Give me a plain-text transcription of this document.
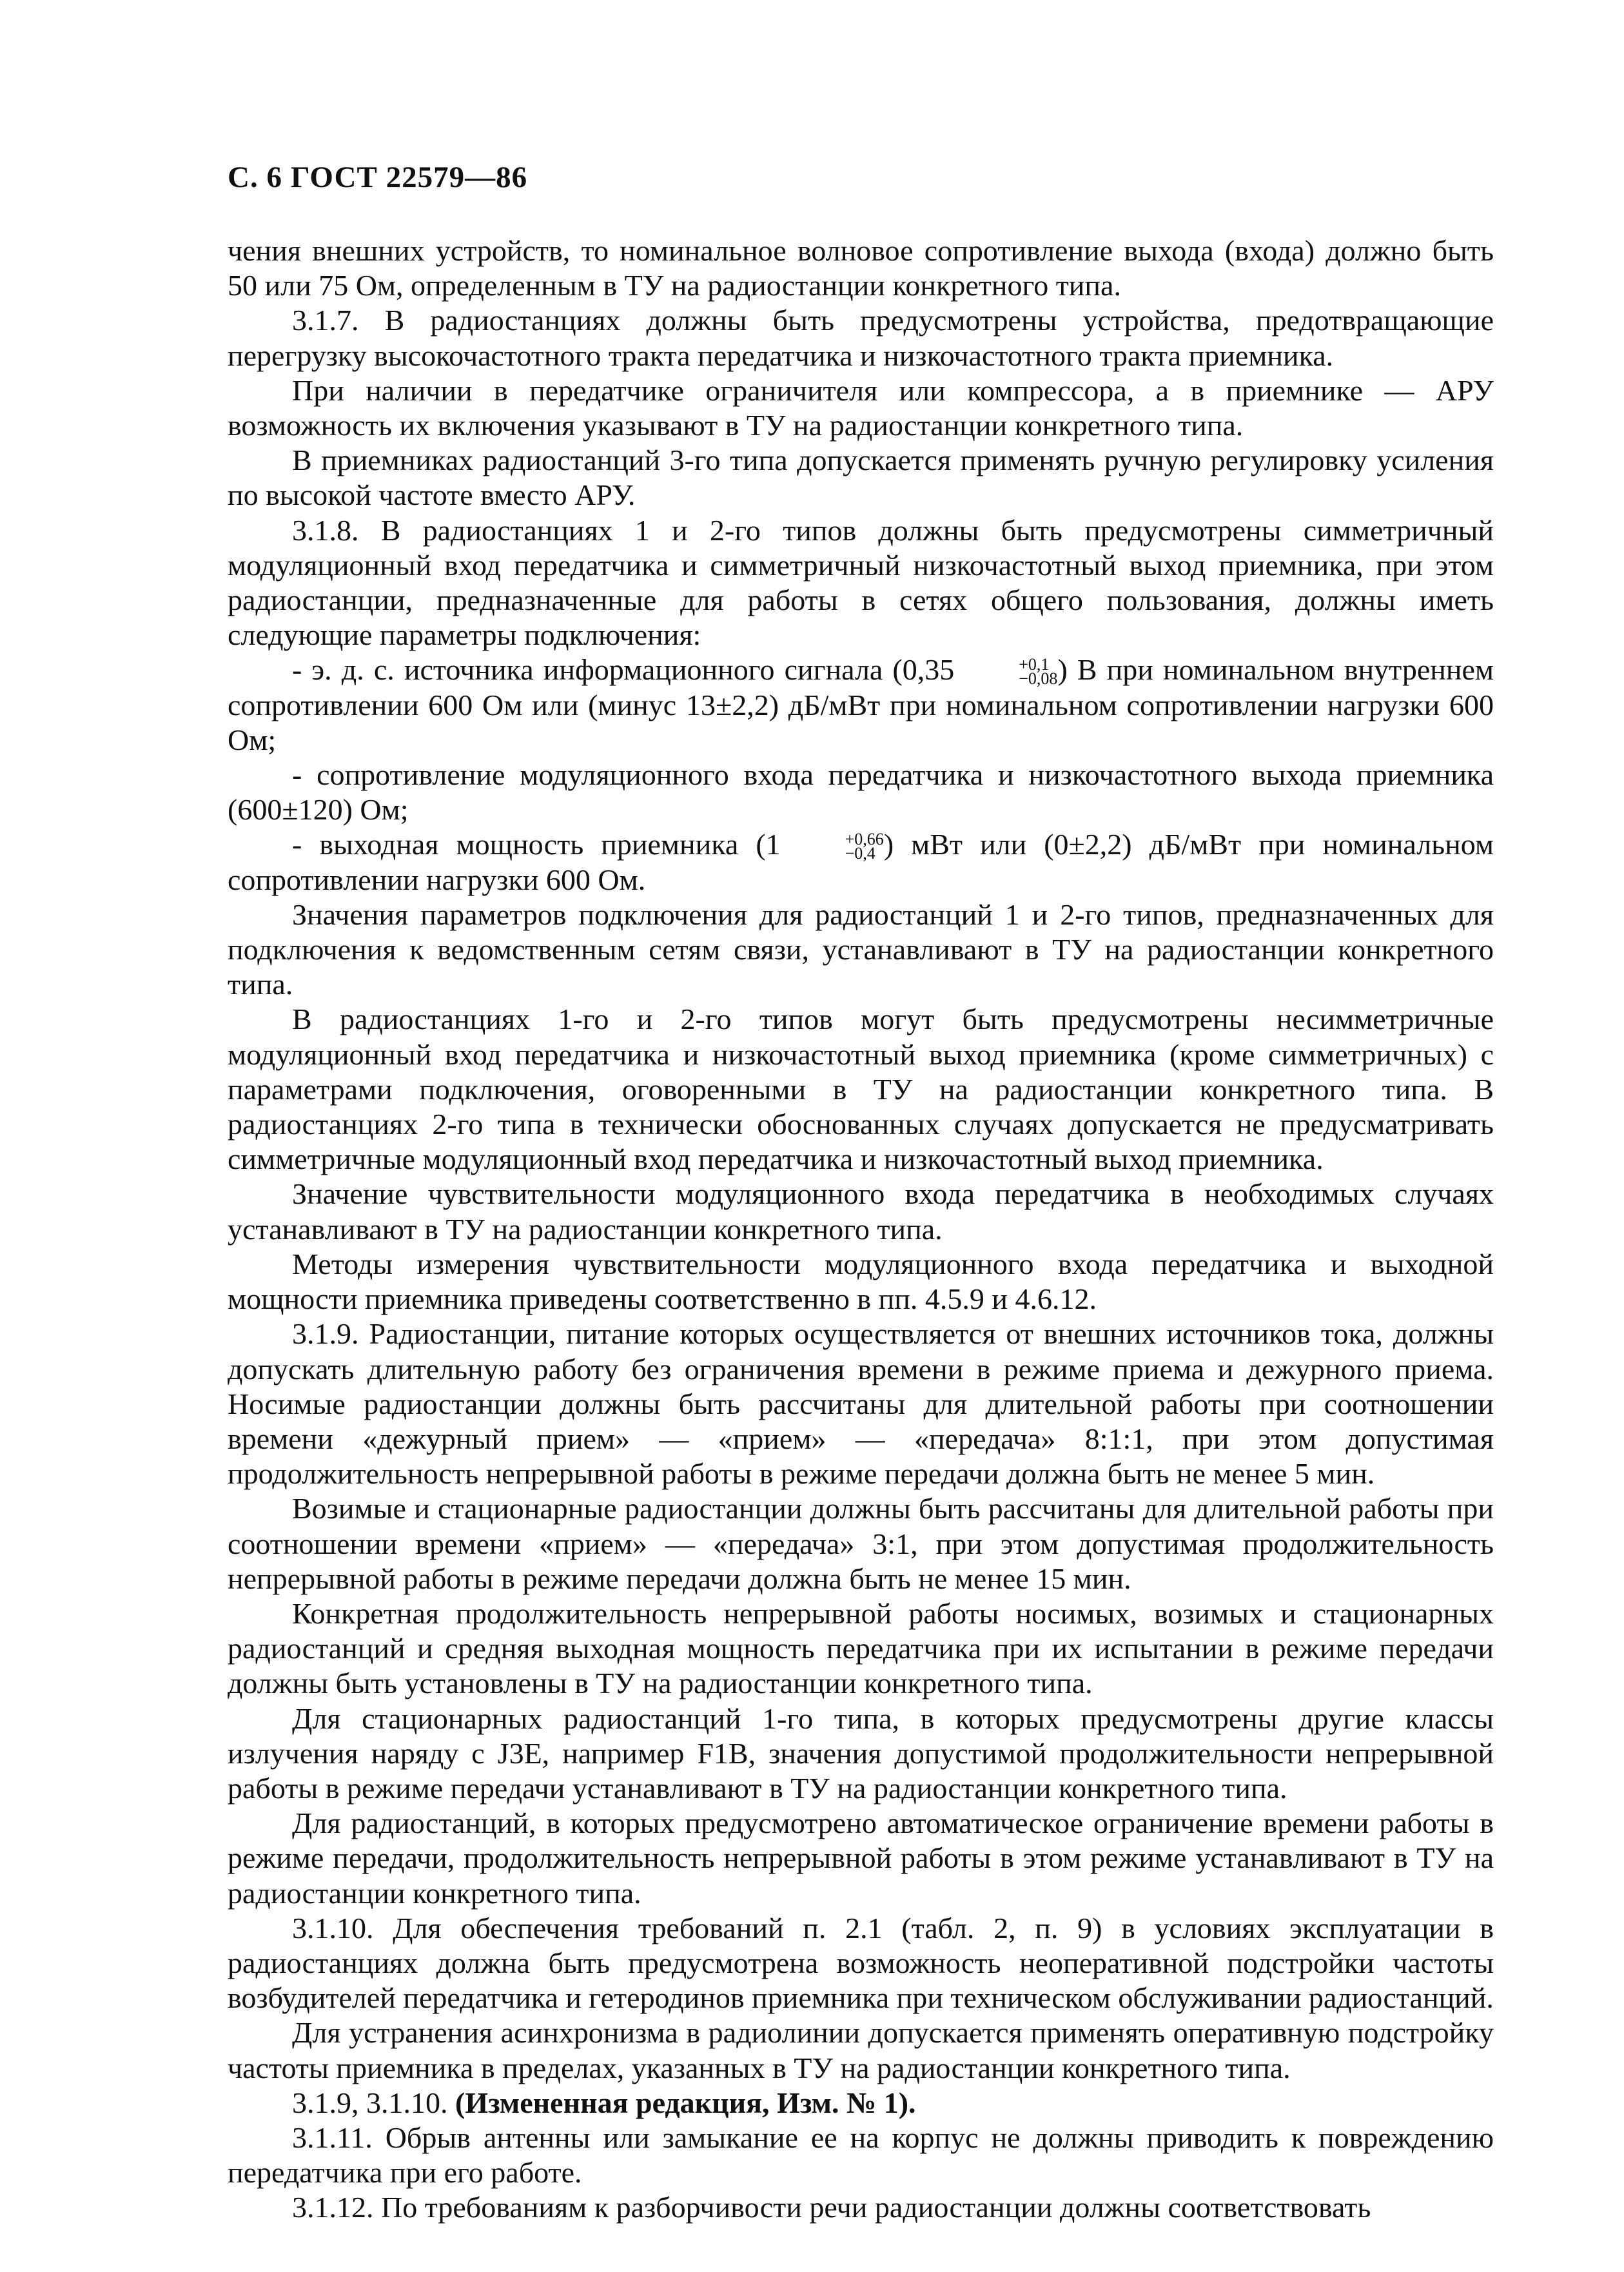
С. 6 ГОСТ 22579—86

чения внешних устройств, то номинальное волновое сопротивление выхода (входа) должно быть 50 или 75 Ом, определенным в ТУ на радиостанции конкретного типа.

3.1.7. В радиостанциях должны быть предусмотрены устройства, предотвращающие перегрузку высокочастотного тракта передатчика и низкочастотного тракта приемника.

При наличии в передатчике ограничителя или компрессора, а в приемнике — АРУ возможность их включения указывают в ТУ на радиостанции конкретного типа.

В приемниках радиостанций 3-го типа допускается применять ручную регулировку усиления по высокой частоте вместо АРУ.

3.1.8. В радиостанциях 1 и 2-го типов должны быть предусмотрены симметричный модуляционный вход передатчика и симметричный низкочастотный выход приемника, при этом радиостанции, предназначенные для работы в сетях общего пользования, должны иметь следующие параметры подключения:

- э. д. с. источника информационного сигнала (0,35	+0,1
−0,08 ) В при номинальном внутреннем сопротивлении 600 Ом или (минус 13±2,2) дБ/мВт при номинальном сопротивлении нагрузки 600 Ом;

- сопротивление модуляционного входа передатчика и низкочастотного выхода приемника (600±120) Ом;

- выходная мощность приемника (1	+0,66
−0,4 ) мВт или (0±2,2) дБ/мВт при номинальном сопротивлении нагрузки 600 Ом.

Значения параметров подключения для радиостанций 1 и 2-го типов, предназначенных для подключения к ведомственным сетям связи, устанавливают в ТУ на радиостанции конкретного типа.

В радиостанциях 1-го и 2-го типов могут быть предусмотрены несимметричные модуляционный вход передатчика и низкочастотный выход приемника (кроме симметричных) с параметрами подключения, оговоренными в ТУ на радиостанции конкретного типа. В радиостанциях 2-го типа в технически обоснованных случаях допускается не предусматривать симметричные модуляционный вход передатчика и низкочастотный выход приемника.

Значение чувствительности модуляционного входа передатчика в необходимых случаях устанавливают в ТУ на радиостанции конкретного типа.

Методы измерения чувствительности модуляционного входа передатчика и выходной мощности приемника приведены соответственно в пп. 4.5.9 и 4.6.12.

3.1.9. Радиостанции, питание которых осуществляется от внешних источников тока, должны допускать длительную работу без ограничения времени в режиме приема и дежурного приема. Носимые радиостанции должны быть рассчитаны для длительной работы при соотношении времени «дежурный прием» — «прием» — «передача» 8:1:1, при этом допустимая продолжительность непрерывной работы в режиме передачи должна быть не менее 5 мин.

Возимые и стационарные радиостанции должны быть рассчитаны для длительной работы при соотношении времени «прием» — «передача» 3:1, при этом допустимая продолжительность непрерывной работы в режиме передачи должна быть не менее 15 мин.

Конкретная продолжительность непрерывной работы носимых, возимых и стационарных радиостанций и средняя выходная мощность передатчика при их испытании в режиме передачи должны быть установлены в ТУ на радиостанции конкретного типа.

Для стационарных радиостанций 1-го типа, в которых предусмотрены другие классы излучения наряду с J3E, например F1B, значения допустимой продолжительности непрерывной работы в режиме передачи устанавливают в ТУ на радиостанции конкретного типа.

Для радиостанций, в которых предусмотрено автоматическое ограничение времени работы в режиме передачи, продолжительность непрерывной работы в этом режиме устанавливают в ТУ на радиостанции конкретного типа.

3.1.10. Для обеспечения требований п. 2.1 (табл. 2, п. 9) в условиях эксплуатации в радиостанциях должна быть предусмотрена возможность неоперативной подстройки частоты возбудителей передатчика и гетеродинов приемника при техническом обслуживании радиостанций.

Для устранения асинхронизма в радиолинии допускается применять оперативную подстройку частоты приемника в пределах, указанных в ТУ на радиостанции конкретного типа.

3.1.9, 3.1.10. (Измененная редакция, Изм. № 1).

3.1.11. Обрыв антенны или замыкание ее на корпус не должны приводить к повреждению передатчика при его работе.

3.1.12. По требованиям к разборчивости речи радиостанции должны соответствовать
